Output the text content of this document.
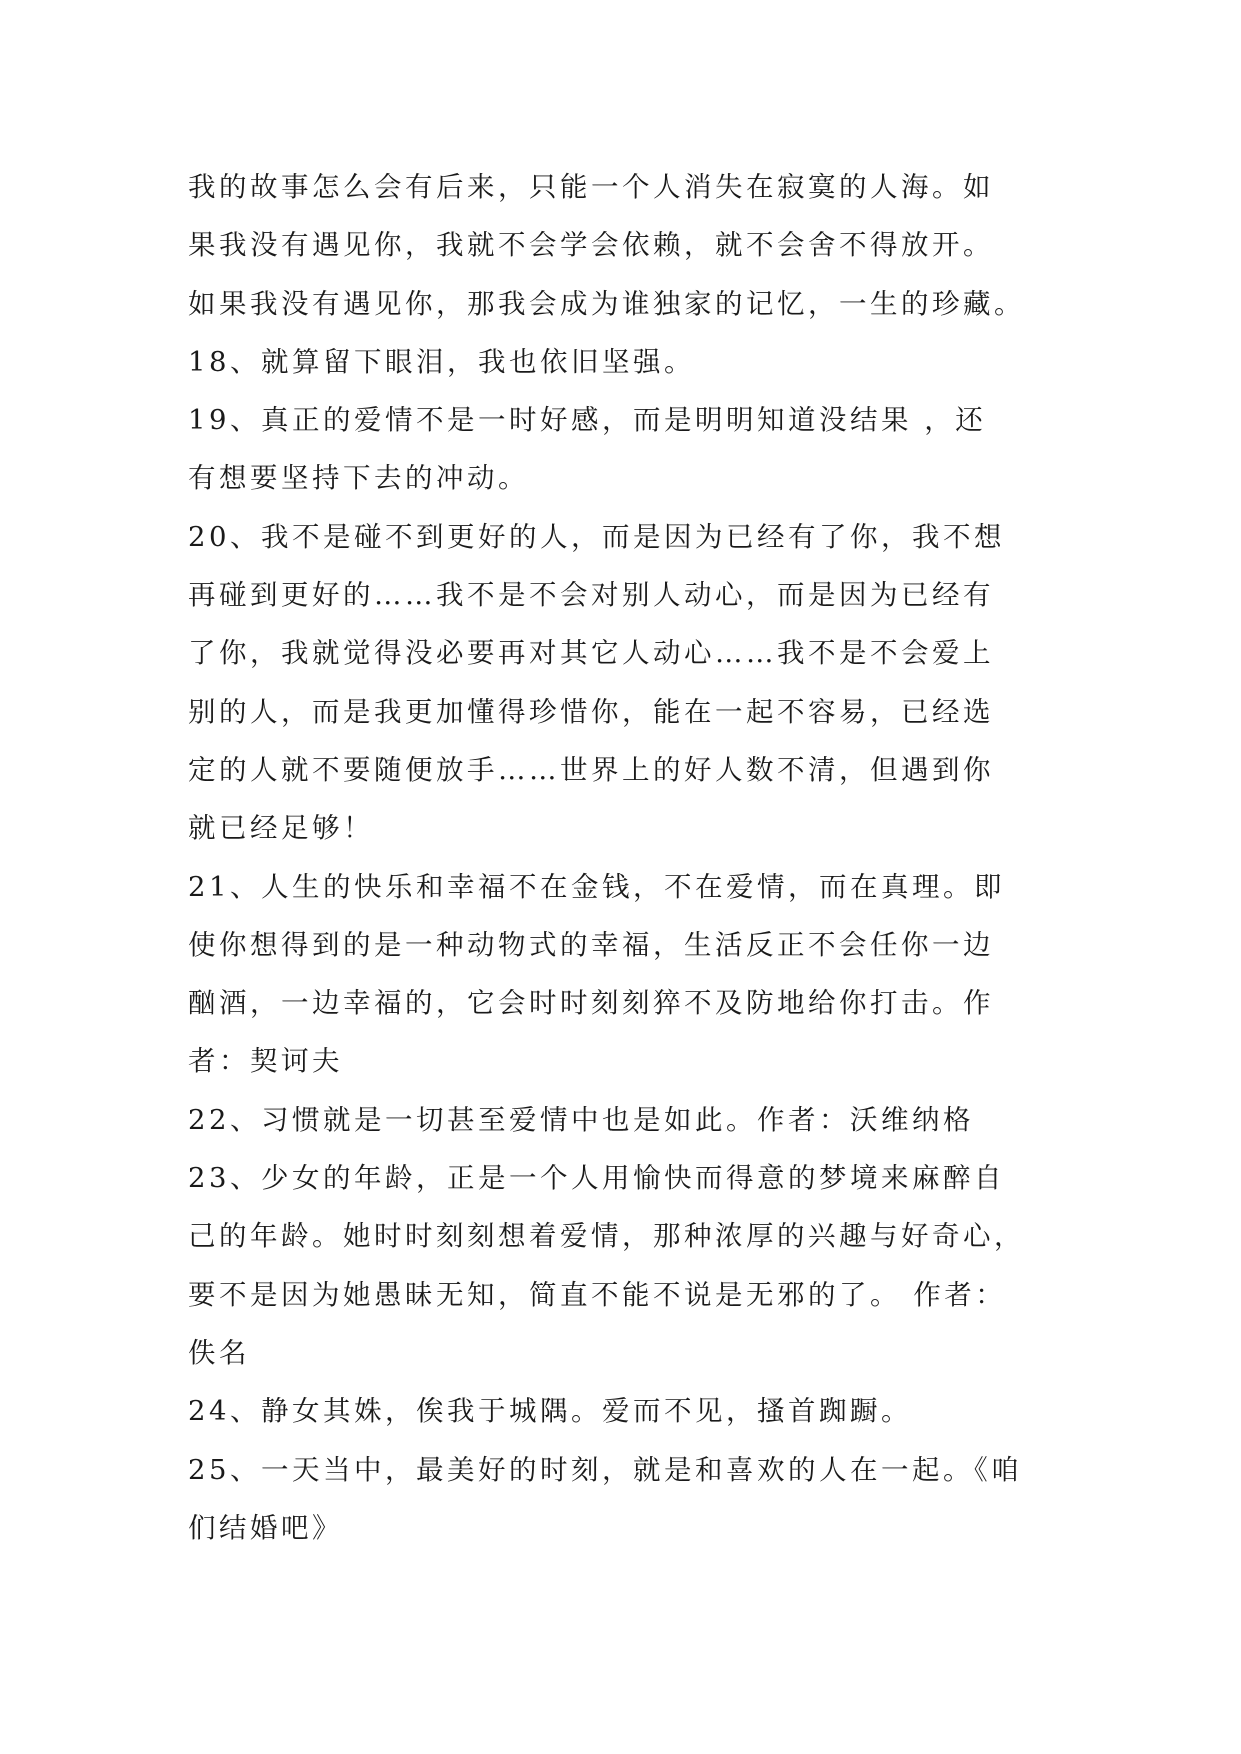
我的故事怎么会有后来，只能一个人消失在寂寞的人海。如
果我没有遇见你，我就不会学会依赖，就不会舍不得放开。
如果我没有遇见你，那我会成为谁独家的记忆，一生的珍藏。
18、就算留下眼泪，我也依旧坚强。
19、真正的爱情不是一时好感，而是明明知道没结果 ，还
有想要坚持下去的冲动。
20、我不是碰不到更好的人，而是因为已经有了你，我不想
再碰到更好的……我不是不会对别人动心，而是因为已经有
了你，我就觉得没必要再对其它人动心……我不是不会爱上
别的人，而是我更加懂得珍惜你，能在一起不容易，已经选
定的人就不要随便放手……世界上的好人数不清，但遇到你
就已经足够！
21、人生的快乐和幸福不在金钱，不在爱情，而在真理。即
使你想得到的是一种动物式的幸福，生活反正不会任你一边
酗酒，一边幸福的，它会时时刻刻猝不及防地给你打击。作
者：契诃夫
22、习惯就是一切甚至爱情中也是如此。作者：沃维纳格
23、少女的年龄，正是一个人用愉快而得意的梦境来麻醉自
己的年龄。她时时刻刻想着爱情，那种浓厚的兴趣与好奇心，
要不是因为她愚昧无知，简直不能不说是无邪的了。 作者：
佚名
24、静女其姝，俟我于城隅。爱而不见，搔首踟蹰。
25、一天当中，最美好的时刻，就是和喜欢的人在一起。《咱
们结婚吧》
